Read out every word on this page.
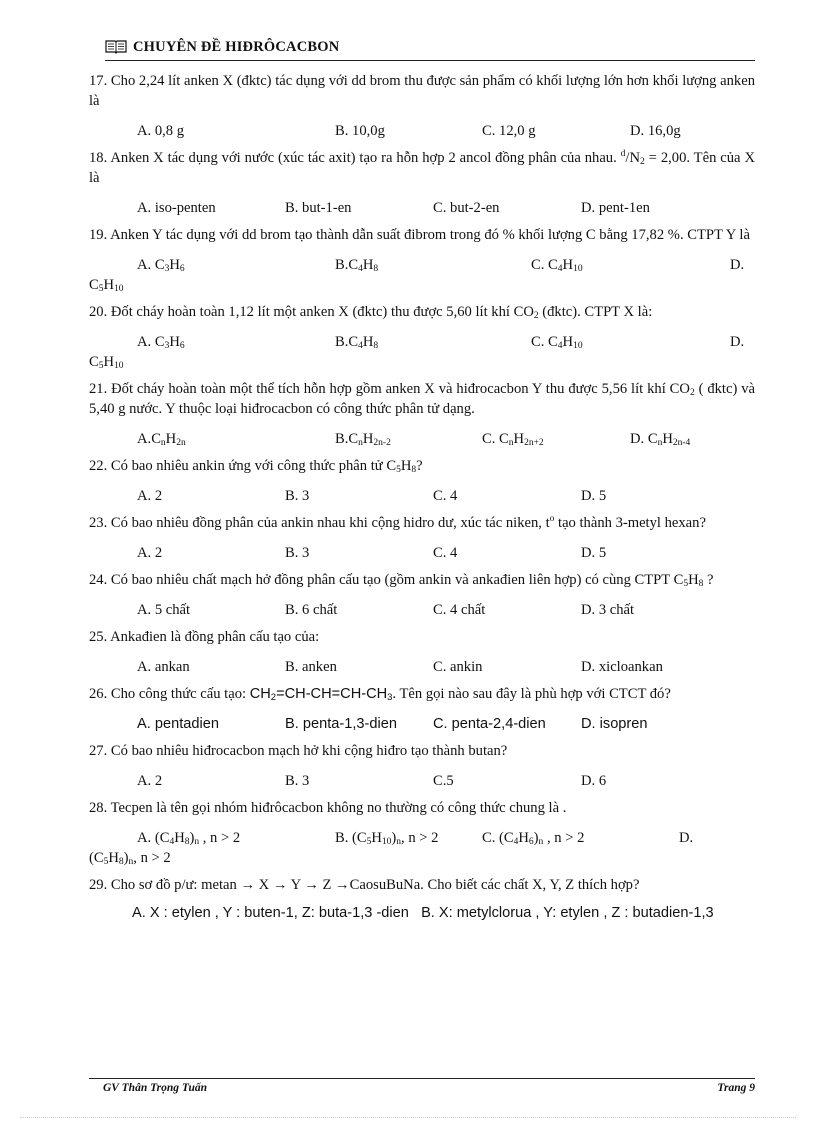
CHUYÊN ĐỀ HIĐRÔCACBON

17. Cho 2,24 lít anken X (đktc) tác dụng với dd brom thu được sản phẩm có khối lượng lớn hơn khối lượng anken là

A. 0,8 g	B. 10,0g	C. 12,0 g	D. 16,0g

18. Anken X tác dụng với nước (xúc tác axit) tạo ra hỗn hợp 2 ancol đồng phân của nhau. $^d/N_2 = 2,00$. Tên của X là

A. iso-penten	B. but-1-en	C. but-2-en	D. pent-1en

19. Anken Y tác dụng với dd brom tạo thành dẫn suất đibrom trong đó % khối lượng C bằng 17,82 %. CTPT Y là

A. $C_3H_6$	$B.C_4H_8$	C. $C_4H_{10}$	D.

$C_5H_{10}$

20. Đốt cháy hoàn toàn 1,12 lít một anken X (đktc) thu được 5,60 lít khí $CO_2$ (đktc). CTPT X là:

A. $C_3H_6$	$B.C_4H_8$	C. $C_4H_{10}$	D.

$C_5H_{10}$

21. Đốt cháy hoàn toàn một thể tích hỗn hợp gồm anken X và hiđrocacbon Y thu được 5,56 lít khí $CO_2$ ( đktc) và 5,40 g nước. Y thuộc loại hiđrocacbon có công thức phân tử dạng.

$A.C_nH_{2n}$	$B.C_nH_{2n-2}$	C. $C_nH_{2n+2}$	D. $C_nH_{2n-4}$

22. Có bao nhiêu ankin ứng với công thức phân tử $C_5H_8$?

A. 2	B. 3	C. 4	D. 5

23. Có bao nhiêu đồng phân của ankin nhau khi cộng hidro dư, xúc tác niken, $t^o$ tạo thành 3-metyl hexan?

A. 2	B. 3	C. 4	D. 5

24. Có bao nhiêu chất mạch hở đồng phân cấu tạo (gồm ankin và ankađien liên hợp) có cùng CTPT $C_5H_8$ ?

A. 5 chất	B. 6 chất	C. 4 chất	D. 3 chất

25. Ankađien là đồng phân cấu tạo của:

A. ankan	B. anken	C. ankin	D. xicloankan

26. Cho công thức cấu tạo: $CH_2=CH-CH=CH-CH_3$. Tên gọi nào sau đây là phù hợp với CTCT đó?

A. pentadien	B. penta-1,3-dien C. penta-2,4-dien D. isopren

27. Có bao nhiêu hiđrocacbon mạch hở khi cộng hiđro tạo thành butan?

A. 2	B. 3	C.5	D. 6

28. Tecpen là tên gọi nhóm hiđrôcacbon không no thường có công thức chung là .

A. $(C_4H_8)_n$ , n > 2	B. $(C_5H_{10})_n$, n > 2	C. $(C_4H_6)_n$ , n > 2	D.

$(C_5H_8)_n$, n > 2

29. Cho sơ đồ p/ư: metan → X → Y → Z →CaosuBuNa. Cho biết các chất X, Y, Z thích hợp?

A. X : etylen , Y : buten-1, Z: buta-1,3 -dien B. X: metylclorua , Y: etylen , Z : butadien-1,3

GV Thân Trọng Tuấn	Trang 9
